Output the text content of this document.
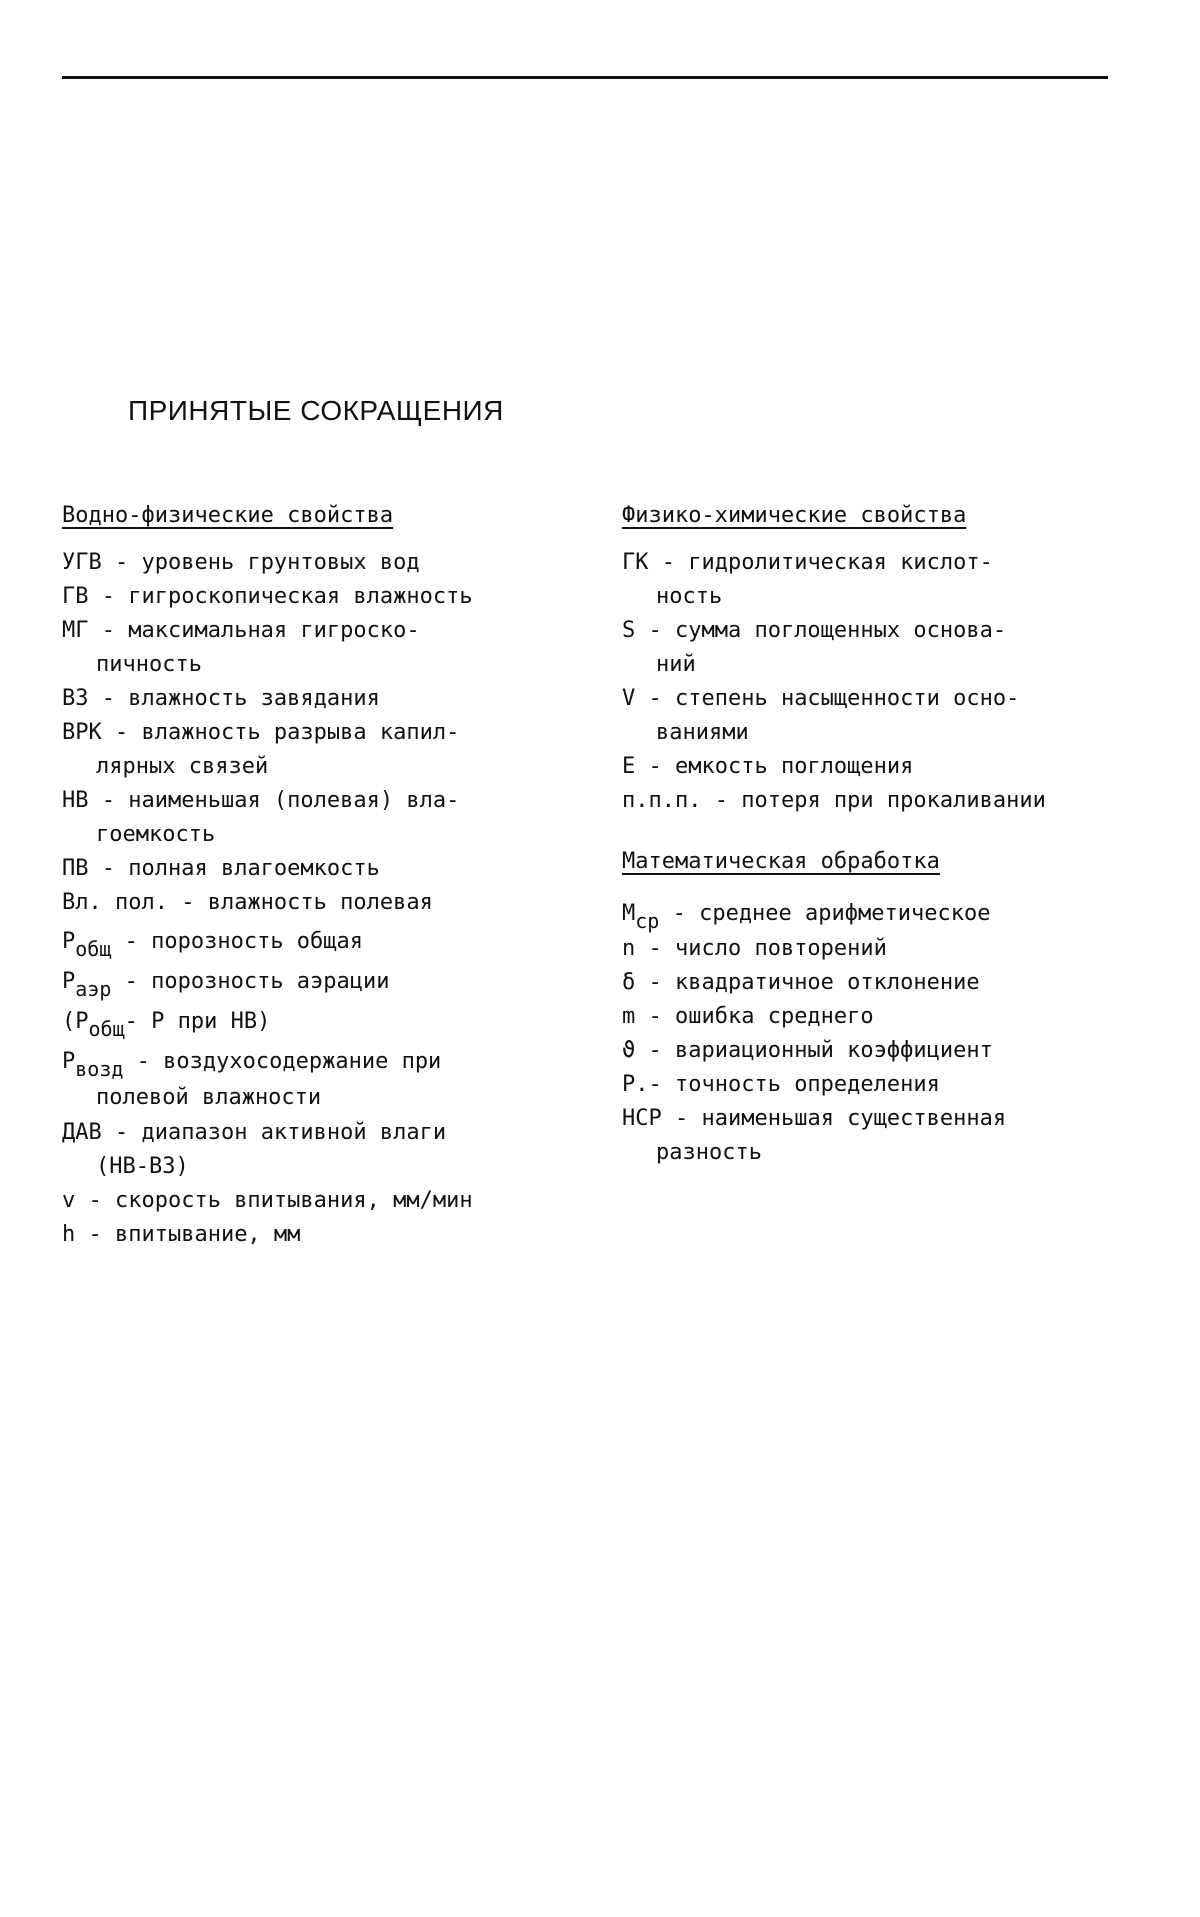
ПРИНЯТЫЕ СОКРАЩЕНИЯ
Водно-физические свойства
УГВ - уровень грунтовых вод
ГВ - гигроскопическая влажность
МГ - максимальная гигроско-
пичность
ВЗ - влажность завядания
ВРК - влажность разрыва капил-
лярных связей
НВ - наименьшая (полевая) вла-
гоемкость
ПВ - полная влагоемкость
Вл. пол. - влажность полевая
$P_{общ}$ - порозность общая
$P_{аэр}$ - порозность аэрации
($P_{общ}-$ P при НВ)
$P_{возд}$ - воздухосодержание при
полевой влажности
ДАВ - диапазон активной влаги
(НВ-ВЗ)
v - скорость впитывания, мм/мин
h - впитывание, мм
Физико-химические свойства
ГК - гидролитическая кислот-
ность
S - сумма поглощенных основа-
ний
V - степень насыщенности осно-
ваниями
Е - емкость поглощения
п.п.п. - потеря при прокаливании
Математическая обработка
$M_{ср}$ - среднее арифметическое
n - число повторений
δ - квадратичное отклонение
m - ошибка среднего
ϑ - вариационный коэффициент
P.- точность определения
НСР - наименьшая существенная
разность
